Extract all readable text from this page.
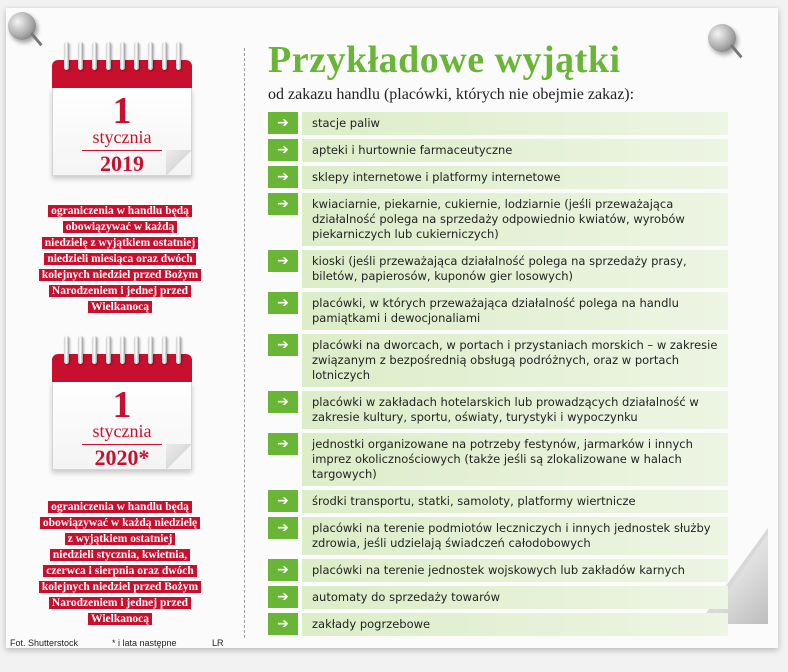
1
stycznia
2019
ograniczenia w handlu będą
obowiązywać w każdą
niedzielę z wyjątkiem ostatniej
niedzieli miesiąca oraz dwóch
kolejnych niedziel przed Bożym
Narodzeniem i jednej przed
Wielkanocą
1
stycznia
2020*
ograniczenia w handlu będą
obowiązywać w każdą niedzielę
z wyjątkiem ostatniej
niedzieli stycznia, kwietnia,
czerwca i sierpnia oraz dwóch
kolejnych niedziel przed Bożym
Narodzeniem i jednej przed
Wielkanocą
Przykładowe wyjątki
od zakazu handlu (placówki, których nie obejmie zakaz):
➔	stacje paliw
➔	apteki i hurtownie farmaceutyczne
➔	sklepy internetowe i platformy internetowe
➔	kwiaciarnie, piekarnie, cukiernie, lodziarnie (jeśli przeważająca działalność polega na sprzedaży odpowiednio kwiatów, wyrobów piekarniczych lub cukierniczych)
➔	kioski (jeśli przeważająca działalność polega na sprzedaży prasy, biletów, papierosów, kuponów gier losowych)
➔	placówki, w których przeważająca działalność polega na handlu pamiątkami i dewocjonaliami
➔	placówki na dworcach, w portach i przystaniach morskich – w zakresie związanym z bezpośrednią obsługą podróżnych, oraz w portach lotniczych
➔	placówki w zakładach hotelarskich lub prowadzących działalność w zakresie kultury, sportu, oświaty, turystyki i wypoczynku
➔	jednostki organizowane na potrzeby festynów, jarmarków i innych imprez okolicznościowych (także jeśli są zlokalizowane w halach targowych)
➔	środki transportu, statki, samoloty, platformy wiertnicze
➔	placówki na terenie podmiotów leczniczych i innych jednostek służby zdrowia, jeśli udzielają świadczeń całodobowych
➔	placówki na terenie jednostek wojskowych lub zakładów karnych
➔	automaty do sprzedaży towarów
➔	zakłady pogrzebowe
Fot. Shutterstock	* i lata następne	LR
